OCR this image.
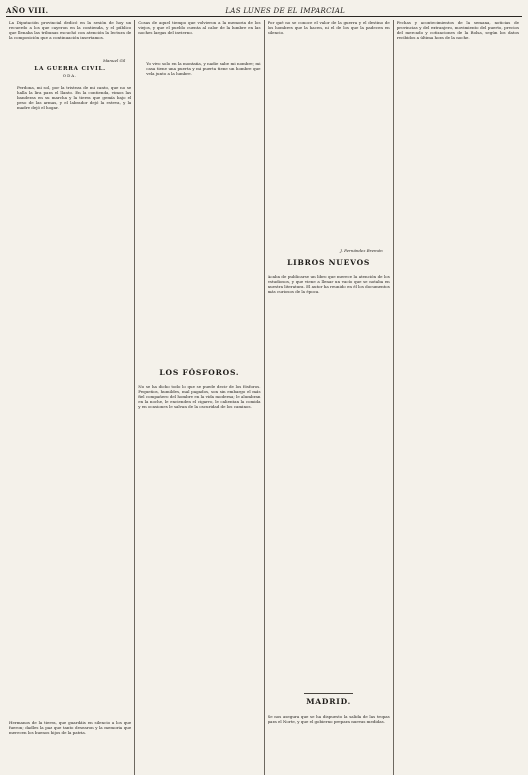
AÑO VIII.	LAS LUNES DE EL IMPARCIAL

La Diputación provincial dedicó en la sesión de hoy un recuerdo a los que cayeron en la contienda, y el público que llenaba las tribunas escuchó con atención la lectura de la composición que a continuación insertamos.

Manuel Gil

LA GUERRA CIVIL.

ODA.

Perdona, mi sol, por la tristeza de mi canto, que no se halla la lira para el llanto. En la contienda, vimos las banderas en su marcha y la tierra que gemía bajo el peso de las armas, y el labrador dejó la esteva, y la madre dejó el hogar.

Hermanos de la tierra, que guardáis en silencio a los que fueron; dadles la paz que tanto desearon y la memoria que merecen los buenos hijos de la patria.

Cosas de aquel tiempo que volvieron a la memoria de los viejos, y que el pueblo cuenta al calor de la lumbre en las noches largas del invierno.

Yo vivo solo en la montaña, y nadie sabe mi nombre; mi casa tiene una puerta y mi puerta tiene un hombre que vela junto a la lumbre.

LOS FÓSFOROS.

No se ha dicho todo lo que se puede decir de los fósforos. Pequeños, humildes, mal pagados, son sin embargo el más fiel compañero del hombre en la vida moderna; le alumbran en la noche, le encienden el cigarro, le calientan la comida y en ocasiones le salvan de la oscuridad de los caminos.

Por qué no se conoce el valor de la guerra y el destino de los hombres que la hacen, ni el de los que la padecen en silencio.

J. Fernández Bremón

LIBROS NUEVOS

Acaba de publicarse un libro que merece la atención de los estudiosos, y que viene a llenar un vacío que se notaba en nuestra literatura. El autor ha reunido en él los documentos más curiosos de la época.

MADRID.

Se nos asegura que se ha dispuesto la salida de las tropas para el Norte, y que el gobierno prepara nuevas medidas.

Fechas y acontecimientos de la semana, noticias de provincias y del extranjero, movimiento del puerto, precios del mercado y cotizaciones de la Bolsa, según los datos recibidos a última hora de la noche.
